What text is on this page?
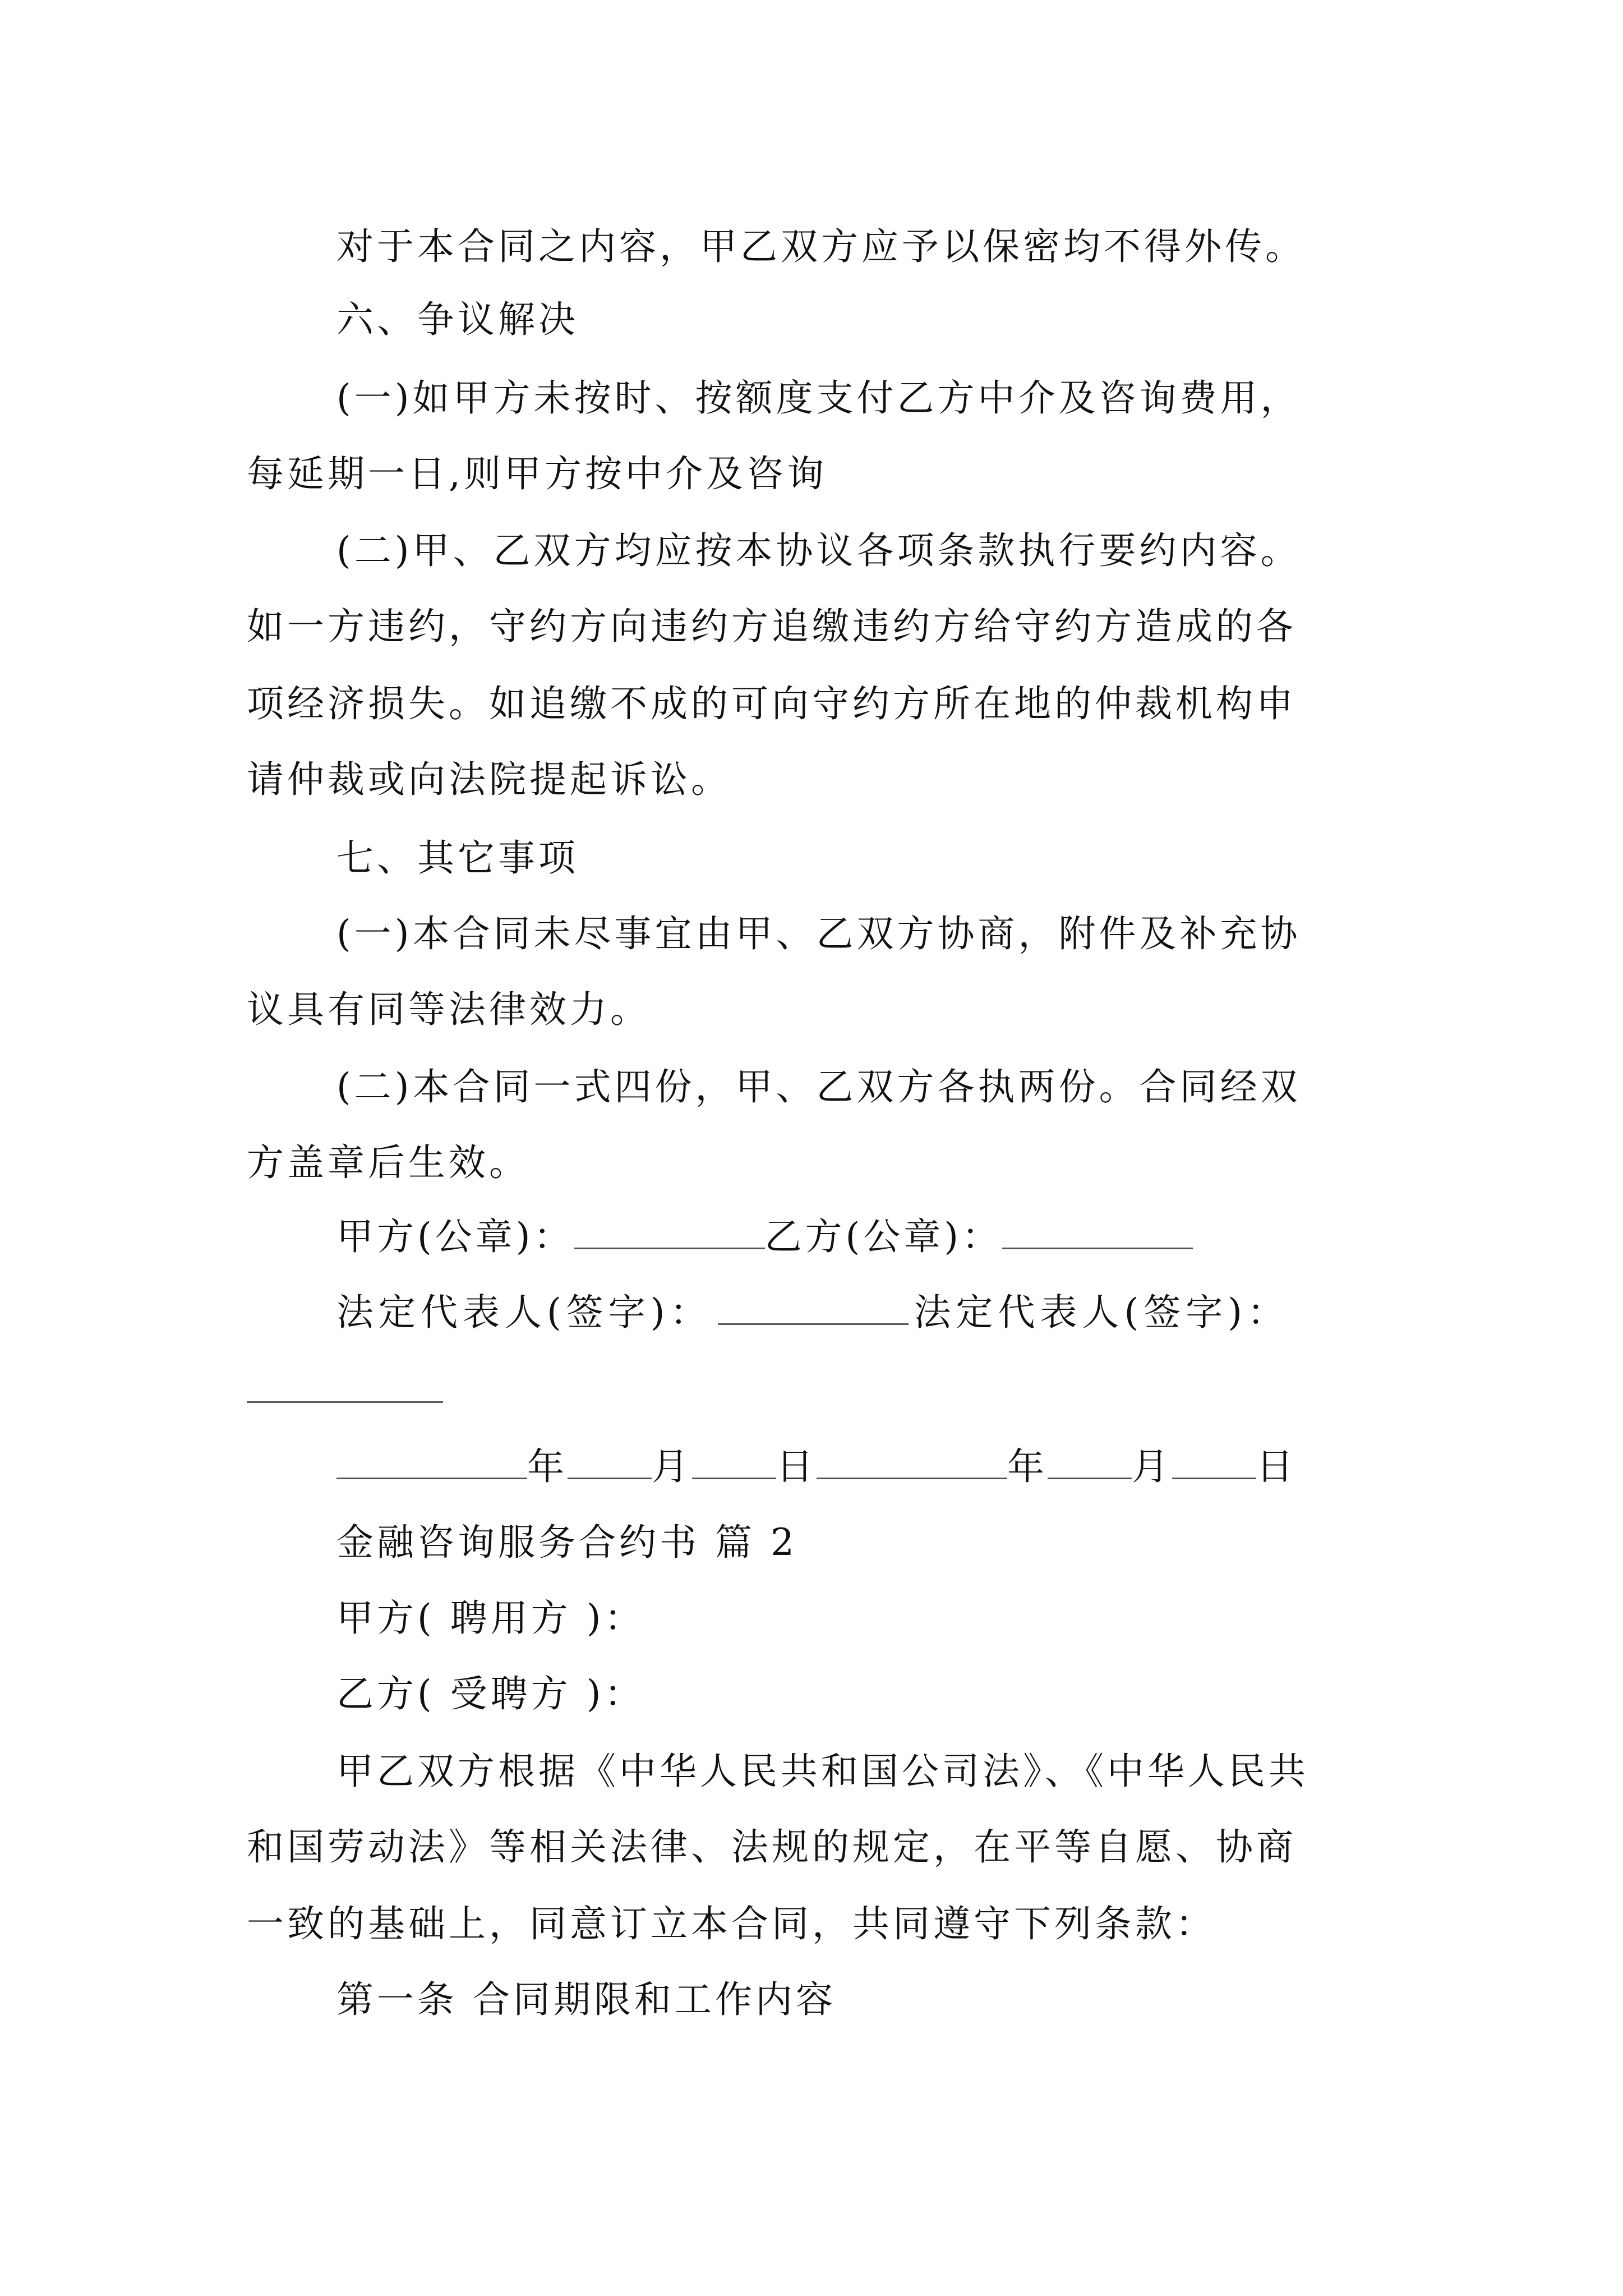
对于本合同之内容，甲乙双方应予以保密均不得外传。
六、争议解决
(一)如甲方未按时、按额度支付乙方中介及咨询费用，
每延期一日,则甲方按中介及咨询
(二)甲、乙双方均应按本协议各项条款执行要约内容。
如一方违约，守约方向违约方追缴违约方给守约方造成的各
项经济损失。如追缴不成的可向守约方所在地的仲裁机构申
请仲裁或向法院提起诉讼。
七、其它事项
(一)本合同未尽事宜由甲、乙双方协商，附件及补充协
议具有同等法律效力。
(二)本合同一式四份，甲、乙双方各执两份。合同经双
方盖章后生效。
甲方(公章)：	乙方(公章)：
法定代表人(签字)：	法定代表人(签字)：
年 月 日	年 月 日
金融咨询服务合约书 篇 2
甲方( 聘用方 )：
乙方( 受聘方 )：
甲乙双方根据《中华人民共和国公司法》、《中华人民共
和国劳动法》等相关法律、法规的规定，在平等自愿、协商
一致的基础上，同意订立本合同，共同遵守下列条款：
第一条 合同期限和工作内容
